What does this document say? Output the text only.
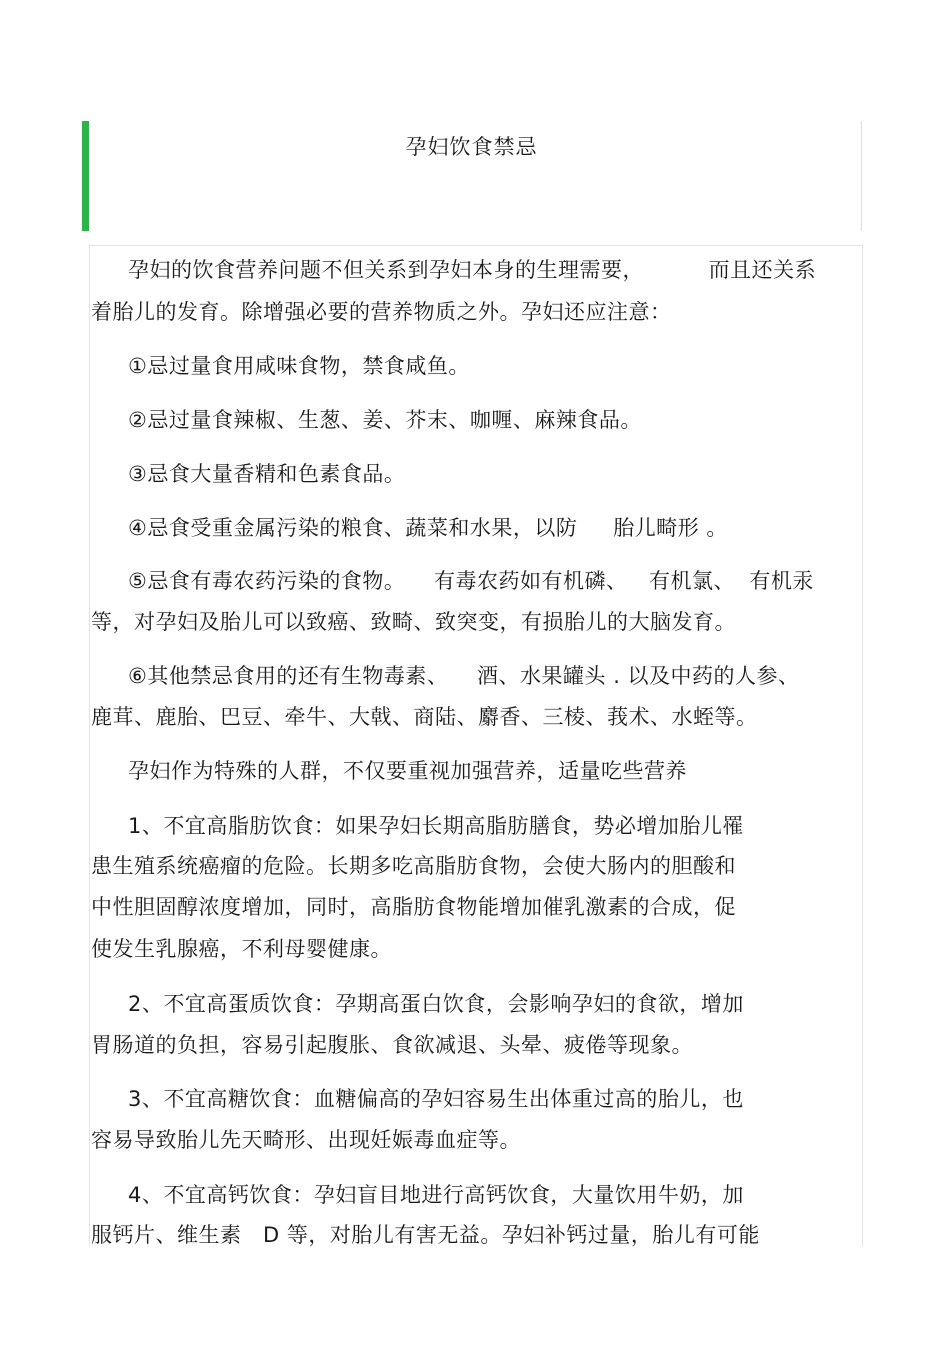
孕妇饮食禁忌
孕妇的饮食营养问题不但关系到孕妇本身的生理需要，         而且还关系
着胎儿的发育。除增强必要的营养物质之外。孕妇还应注意：
①忌过量食用咸味食物，禁食咸鱼。
②忌过量食辣椒、生葱、姜、芥末、咖喱、麻辣食品。
③忌食大量香精和色素食品。
④忌食受重金属污染的粮食、蔬菜和水果，以防     胎儿畸形 。
⑤忌食有毒农药污染的食物。    有毒农药如有机磷、   有机氯、  有机汞
等，对孕妇及胎儿可以致癌、致畸、致突变，有损胎儿的大脑发育。
⑥其他禁忌食用的还有生物毒素、    酒、水果罐头 . 以及中药的人参、
鹿茸、鹿胎、巴豆、牵牛、大戟、商陆、麝香、三棱、莪术、水蛭等。
孕妇作为特殊的人群，不仅要重视加强营养，适量吃些营养
1、不宜高脂肪饮食：如果孕妇长期高脂肪膳食，势必增加胎儿罹
患生殖系统癌瘤的危险。长期多吃高脂肪食物，会使大肠内的胆酸和
中性胆固醇浓度增加，同时，高脂肪食物能增加催乳激素的合成，促
使发生乳腺癌，不利母婴健康。
2、不宜高蛋质饮食：孕期高蛋白饮食，会影响孕妇的食欲，增加
胃肠道的负担，容易引起腹胀、食欲减退、头晕、疲倦等现象。
3、不宜高糖饮食：血糖偏高的孕妇容易生出体重过高的胎儿，也
容易导致胎儿先天畸形、出现妊娠毒血症等。
4、不宜高钙饮食：孕妇盲目地进行高钙饮食，大量饮用牛奶，加
服钙片、维生素   D 等，对胎儿有害无益。孕妇补钙过量，胎儿有可能
